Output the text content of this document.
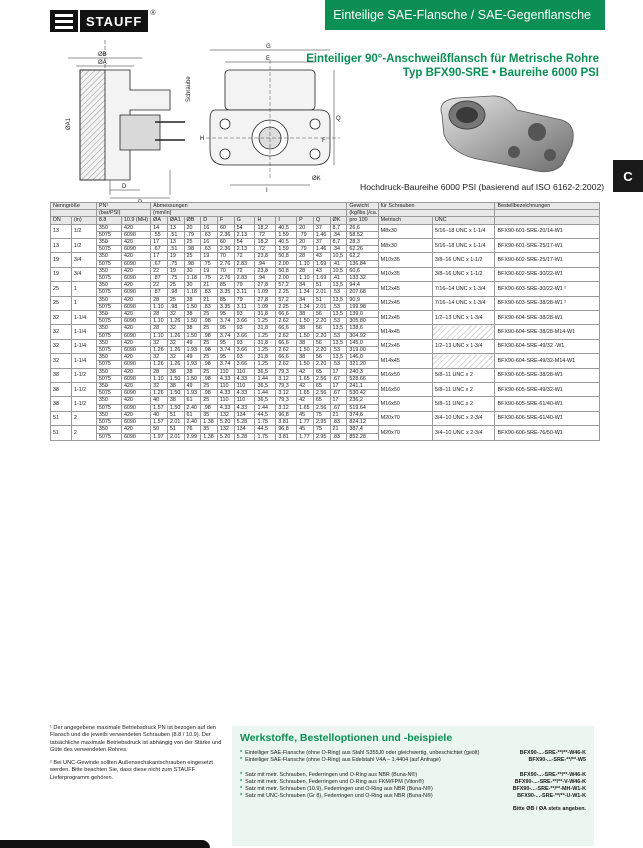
STAUFF	®	Einteilige SAE-Flansche / SAE-Gegenflansche
Einteiliger 90°-Anschweißflansch für Metrische Rohre
Typ BFX90-SRE • Baureihe 6000 PSI
C
ØB
ØA
ØA1
D
Schraube
G
E
I
Q
H	F
ØK
Hochdruck-Baureihe 6000 PSI (basierend auf ISO 6162-2:2002)
Nenngröße		PN¹		Abmessungen											Gewicht	für Schrauben		Bestellbezeichnungen
		(bar/PSI)		(mm/in)											(kg/lbs.)/ca.			
DN	(in)	8.8	10.9 (MH)	ØA	ØA1	ØB	D	F	G	H	I	P	Q	ØK	pro 100	Metrisch	UNC	
13	1/2	350	420	14	13	20	16	60	54	18,2	40,5	20	37	8,7	26,6	M8x30	5/16–18 UNC x 1-1/4	BFX90-601-SRE-20/14-W1
		5075	6090	.55	.51	.79	.63	2.36	2.13	.72	1.59	.79	1.46	.34	58.52			
13	1/2	350	420	17	13	25	16	60	54	18,2	40,5	20	37	8,7	28,3	M8x30	5/16–18 UNC x 1-1/4	BFX90-601-SRE-25/17-W1
		5075	6090	.67	.51	.98	.63	2.36	2.13	.72	1.59	.79	1.46	.34	62.26			
19	3/4	350	420	17	19	25	19	70	72	23,8	50,8	28	43	10,5	62,2	M10x35	3/8–16 UNC x 1-1/2	BFX90-602-SRE-25/17-W1
		5075	6090	.67	.75	.98	.75	2.76	2.83	.94	2.00	1.10	1.69	.41	136.84			
19	3/4	350	420	22	19	30	19	70	72	23,8	50,8	28	43	10,5	60,6	M10x35	3/8–16 UNC x 1-1/2	BFX90-602-SRE-30/22-W1
		5075	6090	.87	.75	1.18	.75	2.76	2.83	.94	2.00	1.10	1.69	.41	133.32			
25	1	350	420	22	25	30	21	85	79	27,8	57,2	34	51	13,5	94,4	M12x45	7/16–14 UNC x 1-3/4	BFX90-603-SRE-30/22-W1 ²
		5075	6090	.87	.98	1.18	.83	3.35	3.11	1.09	2.25	1.34	2.01	.53	207.68			
25	1	350	420	28	25	38	21	85	79	27,8	57,2	34	51	13,5	90,9	M12x45	7/16–14 UNC x 1-3/4	BFX90-603-SRE-38/28-W1 ²
		5075	6090	1.10	.98	1.50	.83	3.35	3.11	1.09	2.25	1.34	2.01	.53	199.98			
32	1-1/4	350	420	28	32	38	25	95	93	31,8	66,6	38	56	13,5	139,0	M12x45	1/2–13 UNC x 1-3/4	BFX90-604-SRE-38/28-W1
		5075	6090	1.10	1.26	1.50	.98	3.74	3.66	1.25	2.62	1.50	2.20	.53	305.80			
32	1-1/4	350	420	28	32	38	25	95	93	31,8	66,6	38	56	13,5	138,6	M14x45		BFX90-604-SRE-38/28-M14-W1
		5075	6090	1.10	1.26	1.50	.98	3.74	3.66	1.25	2.62	1.50	2.20	.53	304.92			
32	1-1/4	350	420	32	32	49	25	95	93	31,8	66,6	38	56	13,5	145,0	M12x45	1/2–13 UNC x 1-3/4	BFX90-604-SRE-49/32 -W1
		5075	6090	1.26	1.26	1.93	.98	3.74	3.66	1.25	2.62	1.50	2.20	.53	319.00			
32	1-1/4	350	420	32	32	49	25	95	93	31,8	66,6	38	56	13,5	146,0	M14x45		BFX90-604-SRE-49/32-M14-W1
		5075	6090	1.26	1.26	1.93	.98	3.74	3.66	1.25	2.62	1.50	2.20	.53	321.20			
38	1-1/2	350	420	28	38	38	25	110	110	36,5	79,3	42	65	17	240,3	M16x50	5/8–11 UNC x 2	BFX90-605-SRE-38/28-W1
		5075	6090	1.10	1.50	1.50	.98	4.33	4.33	1.44	3.12	1.65	2.56	.67	528.66			
38	1-1/2	350	420	32	38	49	25	110	110	36,5	79,3	42	65	17	241,1	M16x50	5/8–11 UNC x 2	BFX90-605-SRE-49/32-W1
		5075	6090	1.26	1.50	1.93	.98	4.33	4.33	1.44	3.12	1.65	2.56	.67	530.42			
38	1-1/2	350	420	40	38	61	25	110	110	36,5	79,3	42	65	17	236,2	M16x50	5/8–11 UNC x 2	BFX90-605-SRE-61/40-W1
		5075	6090	1.57	1.50	2.40	.98	4.33	4.33	1.44	3.12	1.65	2.56	.67	519.64			
51	2	350	420	40	51	61	35	132	134	44,5	96,8	45	75	21	374,6	M20x70	3/4–10 UNC x 2-3/4	BFX90-606-SRE-61/40-W1
		5075	6090	1.57	2.01	2.40	1.38	5.20	5.28	1.75	3.81	1.77	2.95	.83	824.12			
51	2	350	420	50	51	76	35	132	134	44,5	96,8	45	75	21	387,4	M20x70	3/4–10 UNC x 2-3/4	BFX90-606-SRE-76/50-W1
		5075	6090	1.97	2.01	2.99	1.38	5.20	5.28	1.75	3.81	1.77	2.95	.83	852.28			

¹ Der angegebene maximale Betriebsdruck PN ist bezogen auf den Flansch und die jeweils verwendeten Schrauben (8.8 / 10.9). Der tatsächliche maximale Betriebsdruck ist abhängig von der Stärke und Güte des verwendeten Rohres.

² Bei UNC-Gewinde sollten Außensechskantschrauben eingesetzt werden. Bitte beachten Sie, dass diese nicht zum STAUFF Lieferprogramm gehören.

Werkstoffe, Bestelloptionen und -beispiele
* Einteiliger SAE-Flansche (ohne O-Ring) aus Stahl S355J0 oder gleichwertig, unbeschichtet (geölt)	BFX90-...-SRE-**/**-W46-K
* Einteiliger SAE-Flansche (ohne O-Ring) aus Edelstahl V4A – 1.4404 (auf Anfrage)	BFX90-...-SRE-**/**-W5
* Satz mit metr. Schrauben, Federringen und O-Ring aus NBR (Buna-N®)	BFX90-...-SRE-**/**-W46-K
* Satz mit metr. Schrauben, Federringen und O-Ring aus FKM/FPM (Viton®)	BFX90-...-SRE-**/**-V-W46-K
* Satz mit metr. Schrauben (10.9), Federringen und O-Ring aus NBR (Buna-N®)	BFX90-...-SRE-**/**-MH-W1-K
* Satz mit UNC-Schrauben (Gr 8), Federringen und O-Ring aus NBR (Buna-N®)	BFX90-...-SRE-**/**-U-W1-K
Bitte ØB / ØA stets angeben.
